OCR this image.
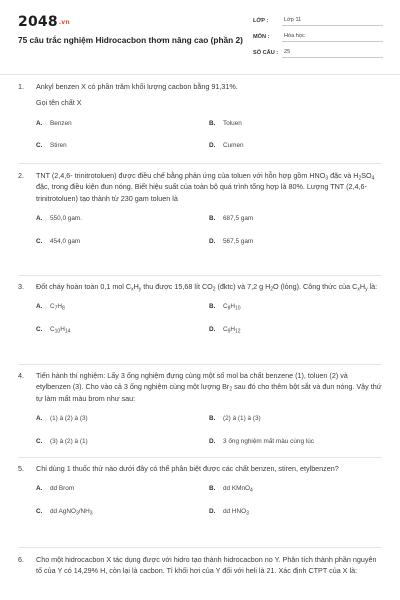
2048.vn
75 câu trắc nghiệm Hidrocacbon thơm nâng cao (phần 2)
LỚP :	Lớp 11
MÔN :	Hóa học
SỐ CÂU :	25
1.	Ankyl benzen X có phần trăm khối lượng cacbon bằng 91,31%.

Gọi tên chất X

A.	Benzen	B.	Toluen
C.	Stiren	D.	Cumen
2.	TNT (2,4,6- trinitrotoluen) được điều chế bằng phản ứng của toluen với hỗn hợp gồm $HNO_3$ đặc và $H_2SO_4$ đặc, trong điều kiện đun nóng. Biết hiệu suất của toàn bộ quá trình tổng hợp là 80%. Lượng TNT (2,4,6- trinitrotoluen) tạo thành từ 230 gam toluen là

A.	550,0 gam.	B.	687,5 gam
C.	454,0 gam	D.	567,5 gam
3.	Đốt cháy hoàn toàn 0,1 mol $C_xH_y$ thu được 15,68 lít $CO_2$ (đktc) và 7,2 g $H_2O$ (lỏng). Công thức của $C_xH_y$ là:

A.	$C_7H_8$	B.	$C_8H_{10}$
C.	$C_{10}H_{14}$	D.	$C_9H_{12}$
4.	Tiến hành thí nghiệm: Lấy 3 ống nghiệm đựng cùng một số mol ba chất benzene (1), toluen (2) và etylbenzen (3). Cho vào cả 3 ống nghiệm cùng một lượng $Br_2$ sau đó cho thêm bột sắt và đun nóng. Vậy thứ tự làm mất màu brom như sau:

A.	(1) à (2) à (3)	B.	(2) à (1) à (3)
C.	(3) à (2) à (1)	D.	3 ống nghiệm mất màu cùng lúc
5.	Chỉ dùng 1 thuốc thử nào dưới đây có thể phân biệt được các chất benzen, stiren, etylbenzen?

A.	dd Brom	B.	dd KMnO$_4$
C.	dd $AgNO_3/NH_3$	D.	dd $HNO_3$
6.	Cho một hidrocacbon X tác dụng được với hidro tạo thành hidrocacbon no Y. Phân tích thành phần nguyên tố của Y có 14,29% H, còn lại là cacbon. Tỉ khối hơi của Y đối với heli là 21. Xác định CTPT của X là:
